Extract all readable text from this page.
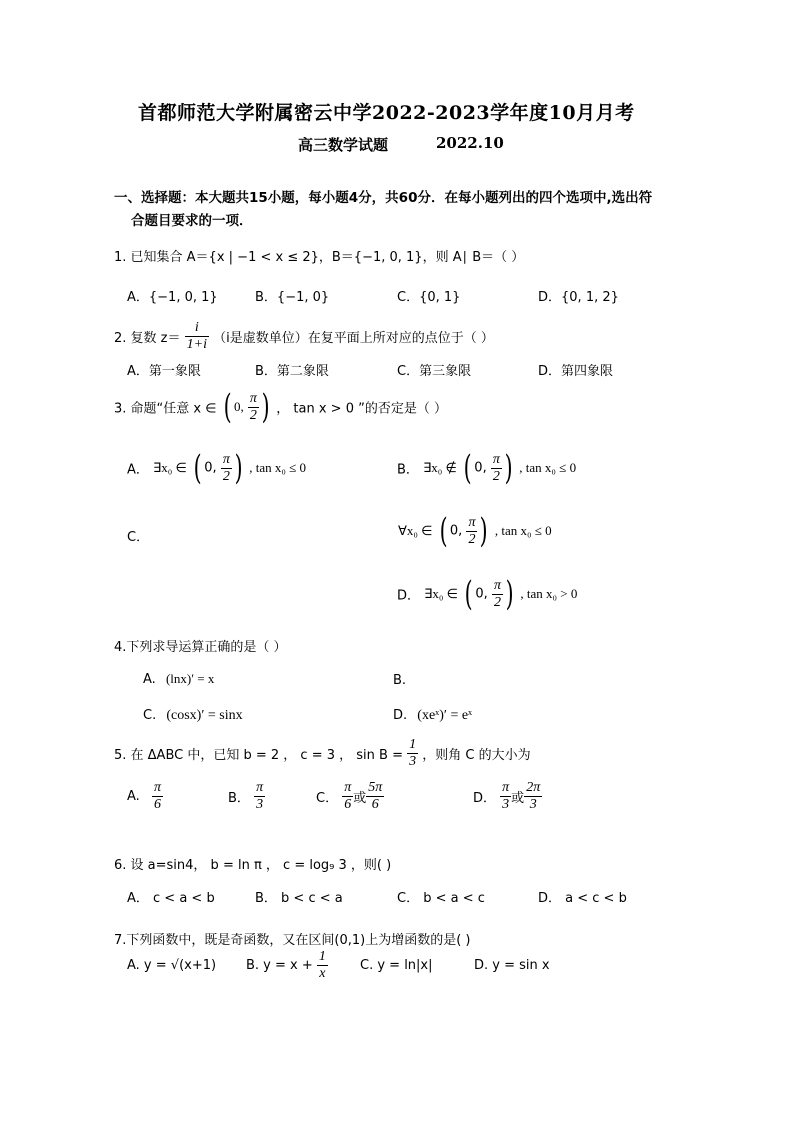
首都师范大学附属密云中学2022-2023学年度10月月考
高三数学试题	2022.10
一、选择题：本大题共15小题，每小题4分，共60分．在每小题列出的四个选项中,选出符
合题目要求的一项．
1. 已知集合 A＝{x | −1 < x ≤ 2}，B＝{−1, 0, 1}，则 A∣ B＝（ ）
A．{−1, 0, 1}	B．{−1, 0}	C．{0, 1}	D．{0, 1, 2}
2. 复数 $z= \frac{i}{1+i} (i$是虚数单位）在复平面上所对应的点位于（ ）
A．第一象限	B．第二象限	C．第三象限	D．第四象限
3. 命题“任意 x ∈ ( 0, $\frac{\pi}{2}$ ) ， tan x > 0 ”的否定是（ ）
A． ∃x₀ ∈ ( 0, $\frac{\pi}{2}$ ) , tan x₀ ≤ 0	B． ∃x₀ ∉ ( 0, $\frac{\pi}{2}$ ) , tan x₀ ≤ 0
C．	∀x₀ ∈ ( 0, $\frac{\pi}{2}$ ) , tan x₀ ≤ 0
D． ∃x₀ ∈ ( 0, $\frac{\pi}{2}$ ) , tan x₀ > 0
4.下列求导运算正确的是（ ）
A. (lnx)′ = x	B.
C. (cosx)′ = sinx	D. (xeˣ)′ = eˣ
5. 在 ΔABC 中，已知 b = 2 ， c = 3 ， $\sin B = \frac{1}{3}$ ，则角 C 的大小为
A. $\frac{\pi}{6}$	B． $\frac{\pi}{3}$	C． $\frac{\pi}{6}$ 或 $\frac{5\pi}{6}$	D． $\frac{\pi}{3}$ 或 $\frac{2\pi}{3}$
6. 设 a=sin4， b = ln π ， c = log₉ 3 ，则( )
A． c < a < b	B． b < c < a	C． b < a < c	D． a < c < b
7.下列函数中，既是奇函数，又在区间(0,1)上为增函数的是( )
A. y = √(x+1) B. $y = x + \frac{1}{x} C$. y = ln|x|	D. y = sin x
